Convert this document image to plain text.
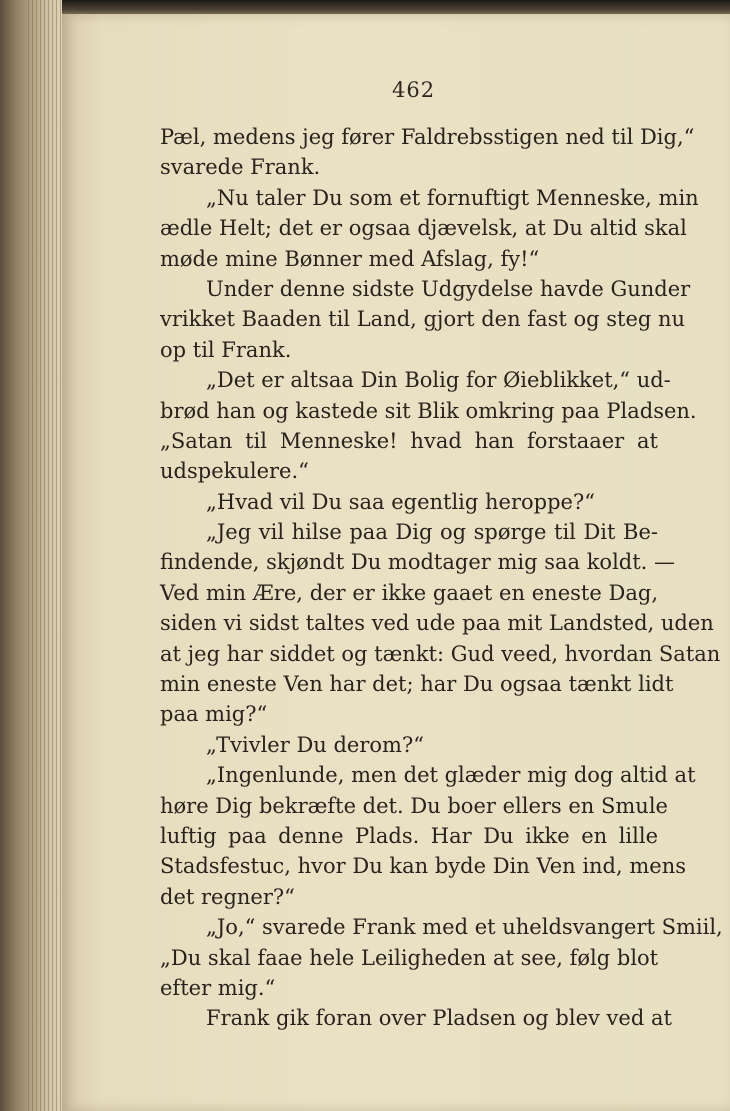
462
Pæl, medens jeg fører Faldrebsstigen ned til Dig,“
svarede Frank.
„Nu taler Du som et fornuftigt Menneske, min
ædle Helt; det er ogsaa djævelsk, at Du altid skal
møde mine Bønner med Afslag, fy!“
Under denne sidste Udgydelse havde Gunder
vrikket Baaden til Land, gjort den fast og steg nu
op til Frank.
„Det er altsaa Din Bolig for Øieblikket,“ ud-
brød han og kastede sit Blik omkring paa Pladsen.
„Satan til Menneske! hvad han forstaaer at
udspekulere.“
„Hvad vil Du saa egentlig heroppe?“
„Jeg vil hilse paa Dig og spørge til Dit Be-
findende, skjøndt Du modtager mig saa koldt. —
Ved min Ære, der er ikke gaaet en eneste Dag,
siden vi sidst taltes ved ude paa mit Landsted, uden
at jeg har siddet og tænkt: Gud veed, hvordan Satan
min eneste Ven har det; har Du ogsaa tænkt lidt
paa mig?“
„Tvivler Du derom?“
„Ingenlunde, men det glæder mig dog altid at
høre Dig bekræfte det. Du boer ellers en Smule
luftig paa denne Plads. Har Du ikke en lille
Stadsfestuc, hvor Du kan byde Din Ven ind, mens
det regner?“
„Jo,“ svarede Frank med et uheldsvangert Smiil,
„Du skal faae hele Leiligheden at see, følg blot
efter mig.“
Frank gik foran over Pladsen og blev ved at
